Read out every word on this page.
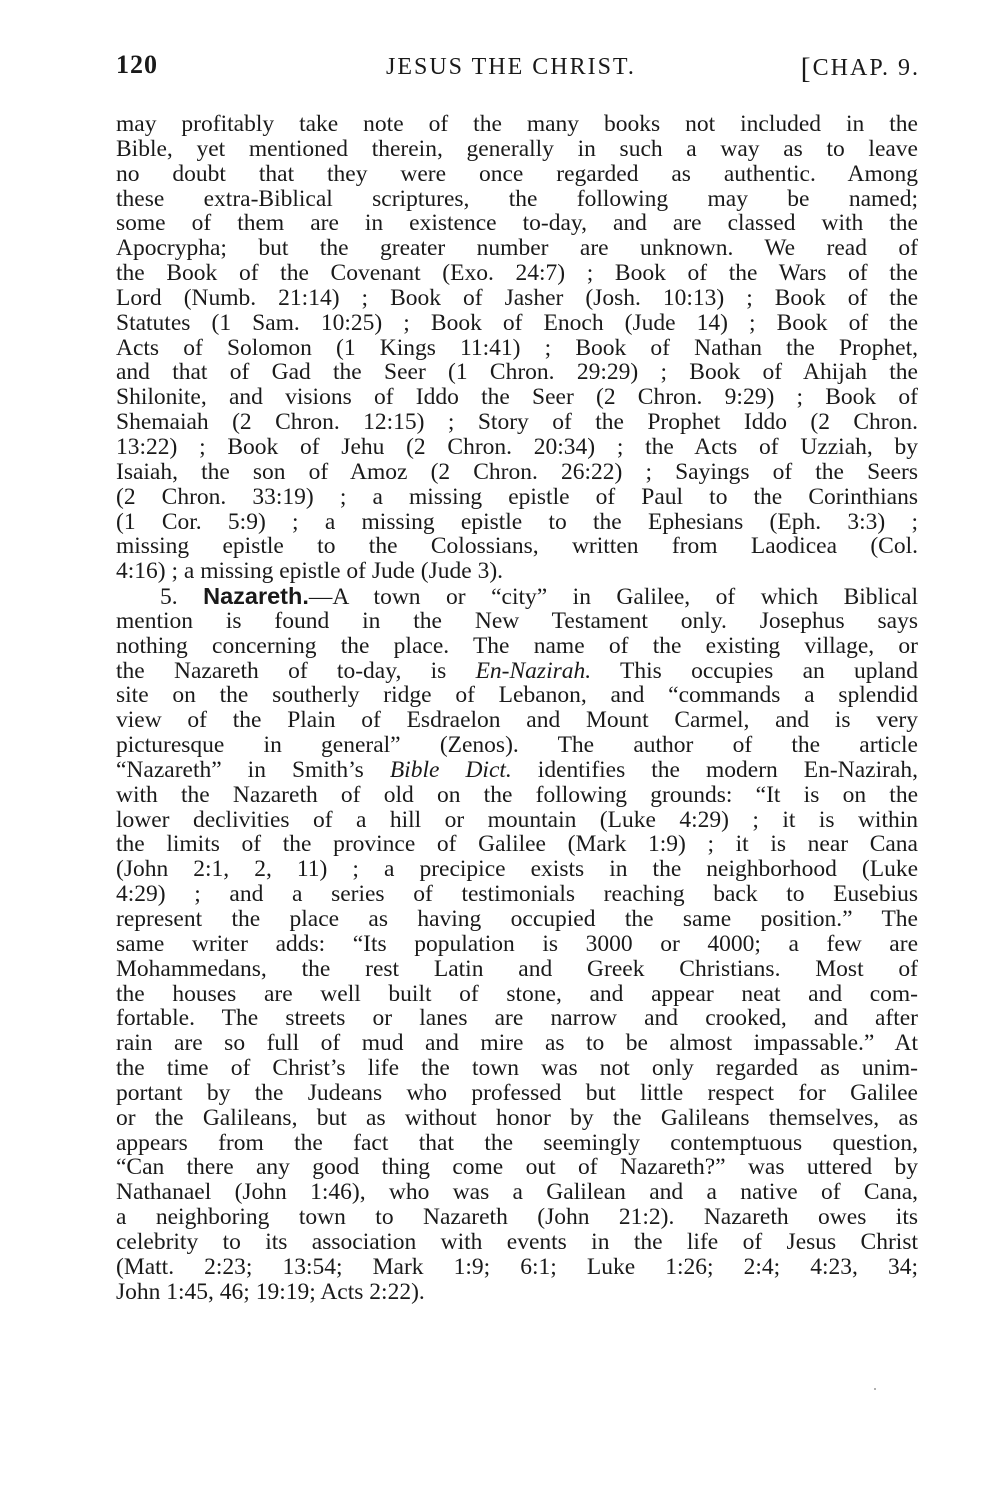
120	JESUS THE CHRIST.	[CHAP. 9.
may profitably take note of the many books not included in the
Bible, yet mentioned therein, generally in such a way as to leave
no doubt that they were once regarded as authentic. Among
these extra-Biblical scriptures, the following may be named;
some of them are in existence to-day, and are classed with the
Apocrypha; but the greater number are unknown. We read of
the Book of the Covenant (Exo. 24:7) ; Book of the Wars of the
Lord (Numb. 21:14) ; Book of Jasher (Josh. 10:13) ; Book of the
Statutes (1 Sam. 10:25) ; Book of Enoch (Jude 14) ; Book of the
Acts of Solomon (1 Kings 11:41) ; Book of Nathan the Prophet,
and that of Gad the Seer (1 Chron. 29:29) ; Book of Ahijah the
Shilonite, and visions of Iddo the Seer (2 Chron. 9:29) ; Book of
Shemaiah (2 Chron. 12:15) ; Story of the Prophet Iddo (2 Chron.
13:22) ; Book of Jehu (2 Chron. 20:34) ; the Acts of Uzziah, by
Isaiah, the son of Amoz (2 Chron. 26:22) ; Sayings of the Seers
(2 Chron. 33:19) ; a missing epistle of Paul to the Corinthians
(1 Cor. 5:9) ; a missing epistle to the Ephesians (Eph. 3:3) ;
missing epistle to the Colossians, written from Laodicea (Col.
4:16) ; a missing epistle of Jude (Jude 3).
5. Nazareth.—A town or “city” in Galilee, of which Biblical
mention is found in the New Testament only. Josephus says
nothing concerning the place. The name of the existing village, or
the Nazareth of to-day, is En-Nazirah. This occupies an upland
site on the southerly ridge of Lebanon, and “commands a splendid
view of the Plain of Esdraelon and Mount Carmel, and is very
picturesque in general” (Zenos). The author of the article
“Nazareth” in Smith’s Bible Dict. identifies the modern En-Nazirah,
with the Nazareth of old on the following grounds: “It is on the
lower declivities of a hill or mountain (Luke 4:29) ; it is within
the limits of the province of Galilee (Mark 1:9) ; it is near Cana
(John 2:1, 2, 11) ; a precipice exists in the neighborhood (Luke
4:29) ; and a series of testimonials reaching back to Eusebius
represent the place as having occupied the same position.” The
same writer adds: “Its population is 3000 or 4000; a few are
Mohammedans, the rest Latin and Greek Christians. Most of
the houses are well built of stone, and appear neat and com-
fortable. The streets or lanes are narrow and crooked, and after
rain are so full of mud and mire as to be almost impassable.” At
the time of Christ’s life the town was not only regarded as unim-
portant by the Judeans who professed but little respect for Galilee
or the Galileans, but as without honor by the Galileans themselves, as
appears from the fact that the seemingly contemptuous question,
“Can there any good thing come out of Nazareth?” was uttered by
Nathanael (John 1:46), who was a Galilean and a native of Cana,
a neighboring town to Nazareth (John 21:2). Nazareth owes its
celebrity to its association with events in the life of Jesus Christ
(Matt. 2:23; 13:54; Mark 1:9; 6:1; Luke 1:26; 2:4; 4:23, 34;
John 1:45, 46; 19:19; Acts 2:22).
